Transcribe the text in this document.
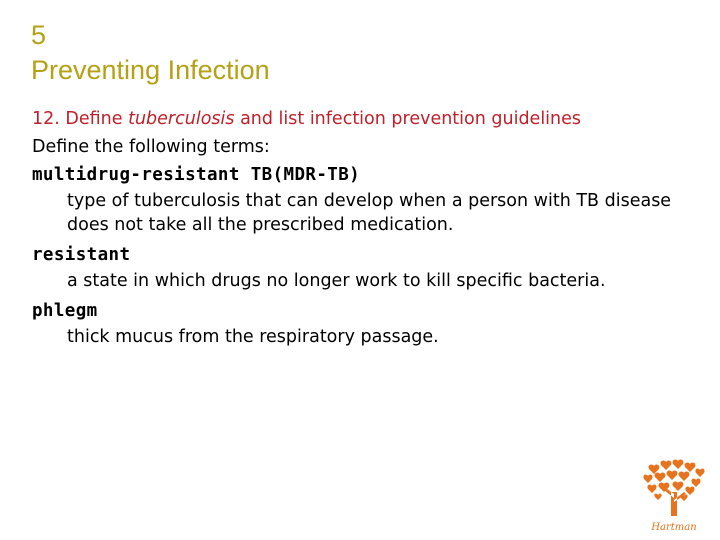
5
Preventing Infection
12. Define tuberculosis and list infection prevention guidelines
Define the following terms:
multidrug-resistant TB(MDR-TB)
type of tuberculosis that can develop when a person with TB disease does not take all the prescribed medication.
resistant
a state in which drugs no longer work to kill specific bacteria.
phlegm
thick mucus from the respiratory passage.
Hartman
